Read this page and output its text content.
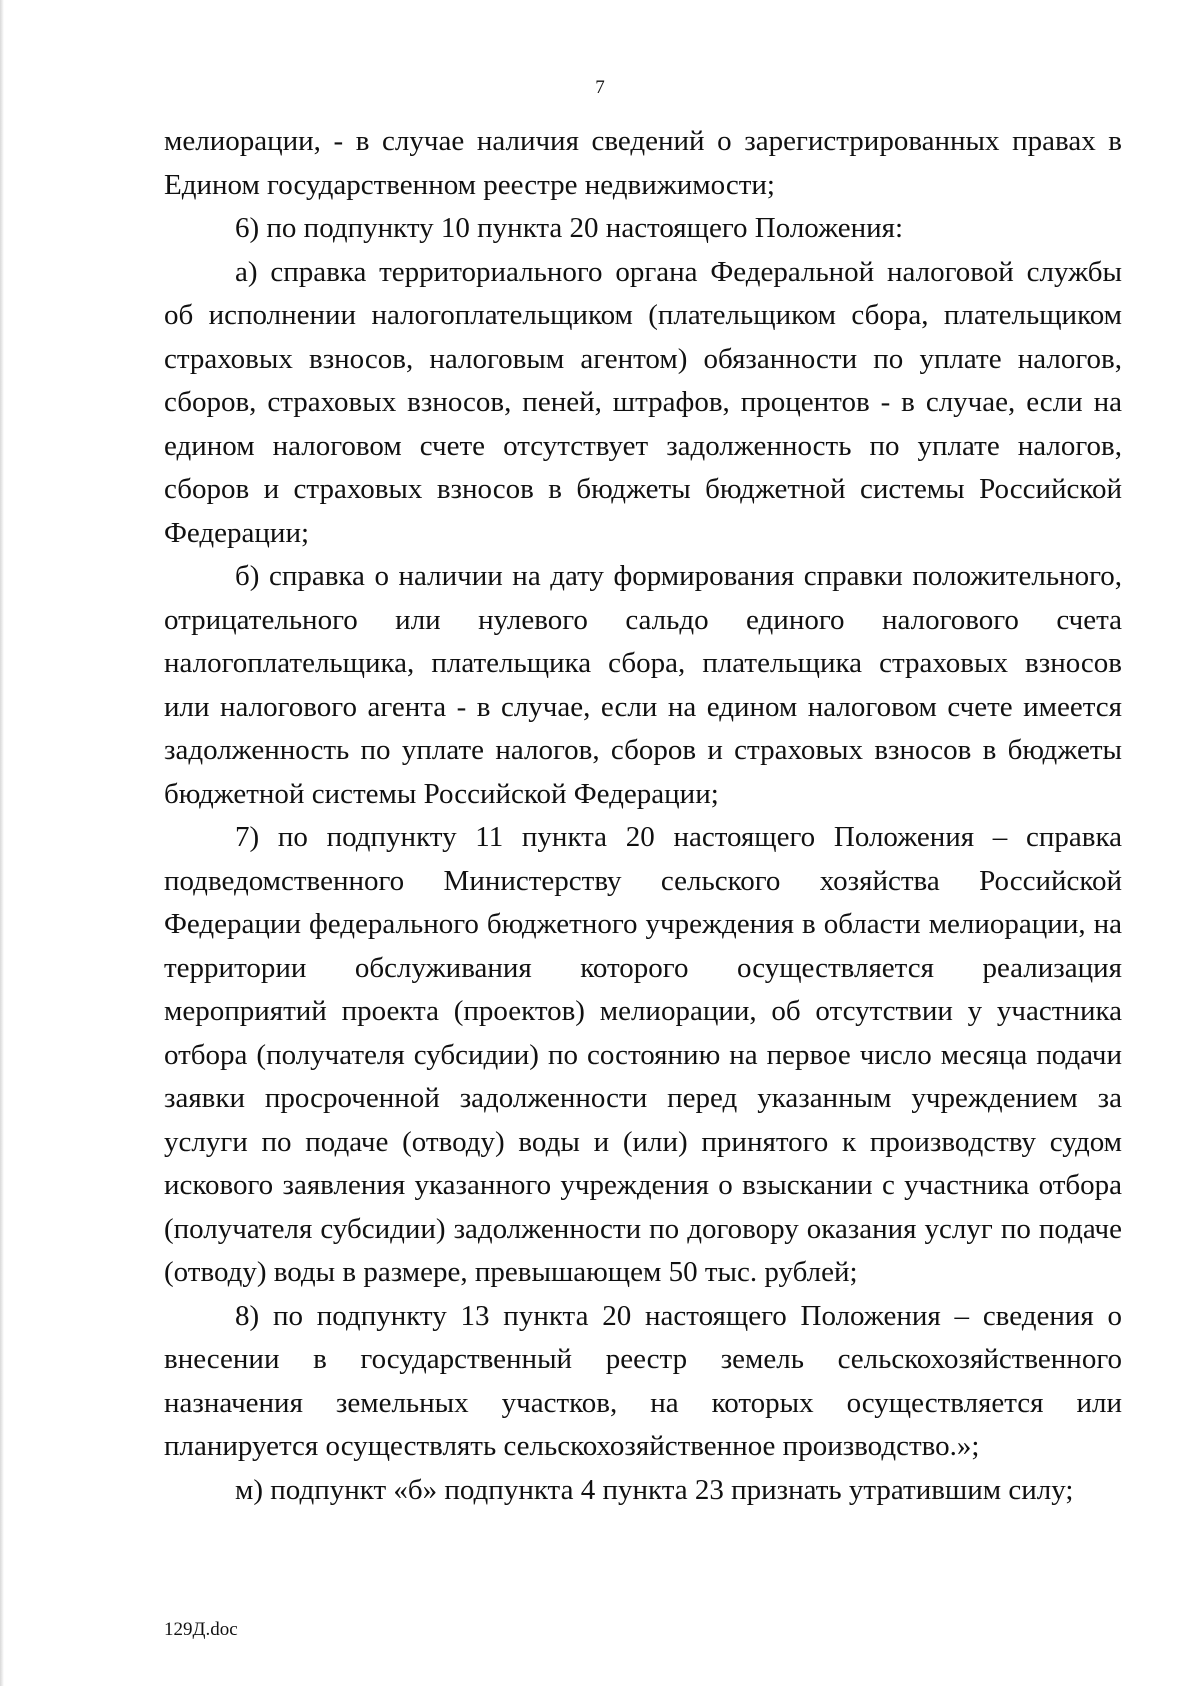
7

мелиорации, - в случае наличия сведений о зарегистрированных правах в Едином государственном реестре недвижимости;

6) по подпункту 10 пункта 20 настоящего Положения:

а) справка территориального органа Федеральной налоговой службы об исполнении налогоплательщиком (плательщиком сбора, плательщиком страховых взносов, налоговым агентом) обязанности по уплате налогов, сборов, страховых взносов, пеней, штрафов, процентов - в случае, если на едином налоговом счете отсутствует задолженность по уплате налогов, сборов и страховых взносов в бюджеты бюджетной системы Российской Федерации;

б) справка о наличии на дату формирования справки положительного, отрицательного или нулевого сальдо единого налогового счета налогоплательщика, плательщика сбора, плательщика страховых взносов или налогового агента - в случае, если на едином налоговом счете имеется задолженность по уплате налогов, сборов и страховых взносов в бюджеты бюджетной системы Российской Федерации;

7) по подпункту 11 пункта 20 настоящего Положения – справка подведомственного Министерству сельского хозяйства Российской Федерации федерального бюджетного учреждения в области мелиорации, на территории обслуживания которого осуществляется реализация мероприятий проекта (проектов) мелиорации, об отсутствии у участника отбора (получателя субсидии) по состоянию на первое число месяца подачи заявки просроченной задолженности перед указанным учреждением за услуги по подаче (отводу) воды и (или) принятого к производству судом искового заявления указанного учреждения о взыскании с участника отбора (получателя субсидии) задолженности по договору оказания услуг по подаче (отводу) воды в размере, превышающем 50 тыс. рублей;

8) по подпункту 13 пункта 20 настоящего Положения – сведения о внесении в государственный реестр земель сельскохозяйственного назначения земельных участков, на которых осуществляется или планируется осуществлять сельскохозяйственное производство.»;

м) подпункт «б» подпункта 4 пункта 23 признать утратившим силу;

129Д.doc
